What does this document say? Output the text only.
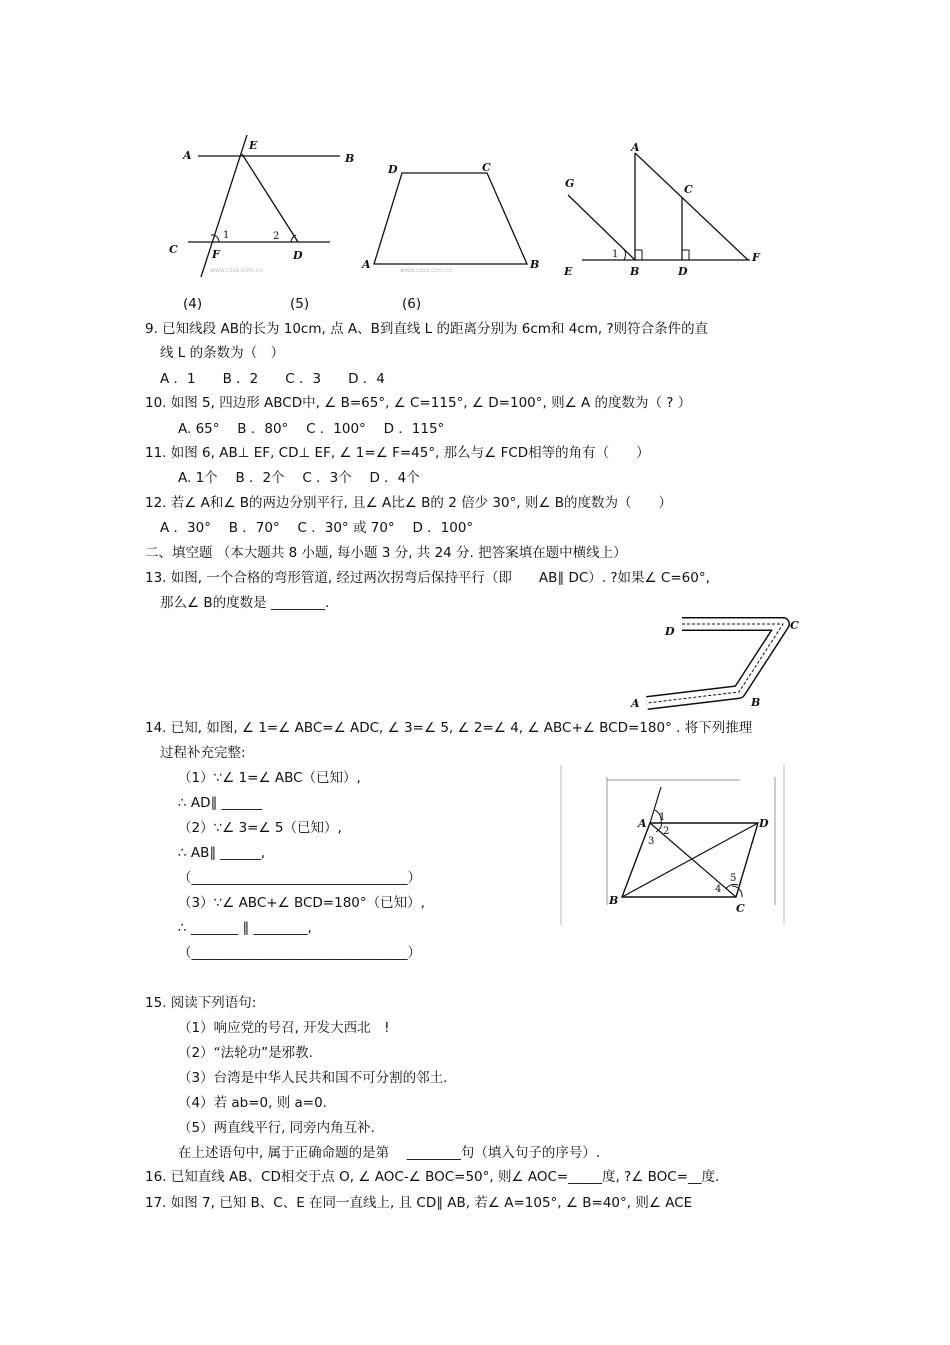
A
E
B
C	F	D
1	2
www.czsx.com.cn
D	C
A	B
www.czsx.com.cn
A
C
G
1
E	B	D
F
(4)	(5)	(6)
9. 已知线段 AB的长为 10cm, 点 A、B到直线 L 的距离分别为 6cm和 4cm, ?则符合条件的直
线 L 的条数为（　）
A ．1　　B ．2　　C ．3　　D ．4
10. 如图 5, 四边形 ABCD中, ∠ B=65°, ∠ C=115°, ∠ D=100°, 则∠ A 的度数为（ ? ）
A. 65°　 B ．80°　 C ．100°　 D ．115°
11. 如图 6, AB⊥ EF, CD⊥ EF, ∠ 1=∠ F=45°, 那么与∠ FCD相等的角有（　　）
A. 1个　 B ．2个　 C ．3个　 D ．4个
12. 若∠ A和∠ B的两边分别平行, 且∠ A比∠ B的 2 倍少 30°, 则∠ B的度数为（　　）
A ．30°　 B ．70°　 C ．30° 或 70°　 D ．100°
二、填空题 （本大题共 8 小题, 每小题 3 分, 共 24 分. 把答案填在题中横线上）
13. 如图, 一个合格的弯形管道, 经过两次拐弯后保持平行（即　　AB∥ DC）. ?如果∠ C=60°,
那么∠ B的度数是 ________.
D	C
A	B
14. 已知, 如图, ∠ 1=∠ ABC=∠ ADC, ∠ 3=∠ 5, ∠ 2=∠ 4, ∠ ABC+∠ BCD=180° . 将下列推理
过程补充完整:
（1）∵∠ 1=∠ ABC（已知）,
∴ AD∥ ______
（2）∵∠ 3=∠ 5（已知）,
∴ AB∥ ______,
（________________________________）
（3）∵∠ ABC+∠ BCD=180°（已知）,
∴ _______ ∥ ________,
（________________________________）
A	D
B
C
1
2
3
4
5
15. 阅读下列语句:
（1）响应党的号召, 开发大西北　!
（2）“法轮功”是邪教.
（3）台湾是中华人民共和国不可分割的邻土.
（4）若 ab=0, 则 a=0.
（5）两直线平行, 同旁内角互补.
在上述语句中, 属于正确命题的是第　 ________句（填入句子的序号）.
16. 已知直线 AB、CD相交于点 O, ∠ AOC-∠ BOC=50°, 则∠ AOC=_____度, ?∠ BOC=__度.
17. 如图 7, 已知 B、C、E 在同一直线上, 且 CD∥ AB, 若∠ A=105°, ∠ B=40°, 则∠ ACE
